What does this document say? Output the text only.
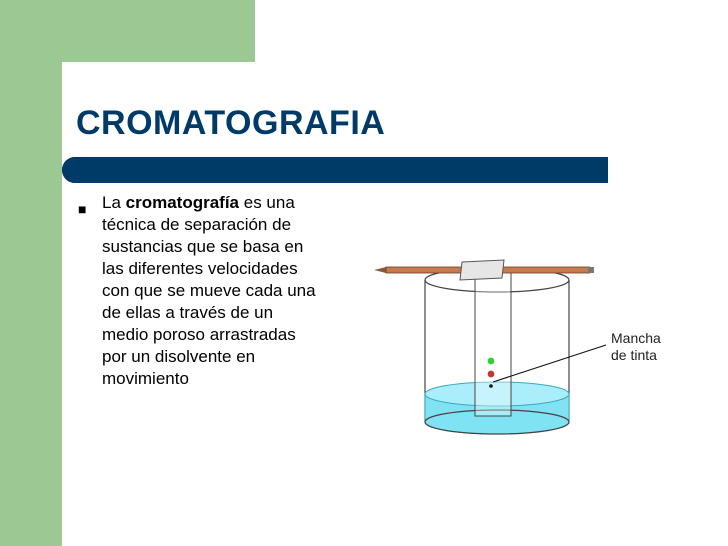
CROMATOGRAFIA
■ La cromatografía es una
técnica de separación de
sustancias que se basa en
las diferentes velocidades
con que se mueve cada una
de ellas a través de un
medio poroso arrastradas
por un disolvente en
movimiento

Mancha
de tinta
